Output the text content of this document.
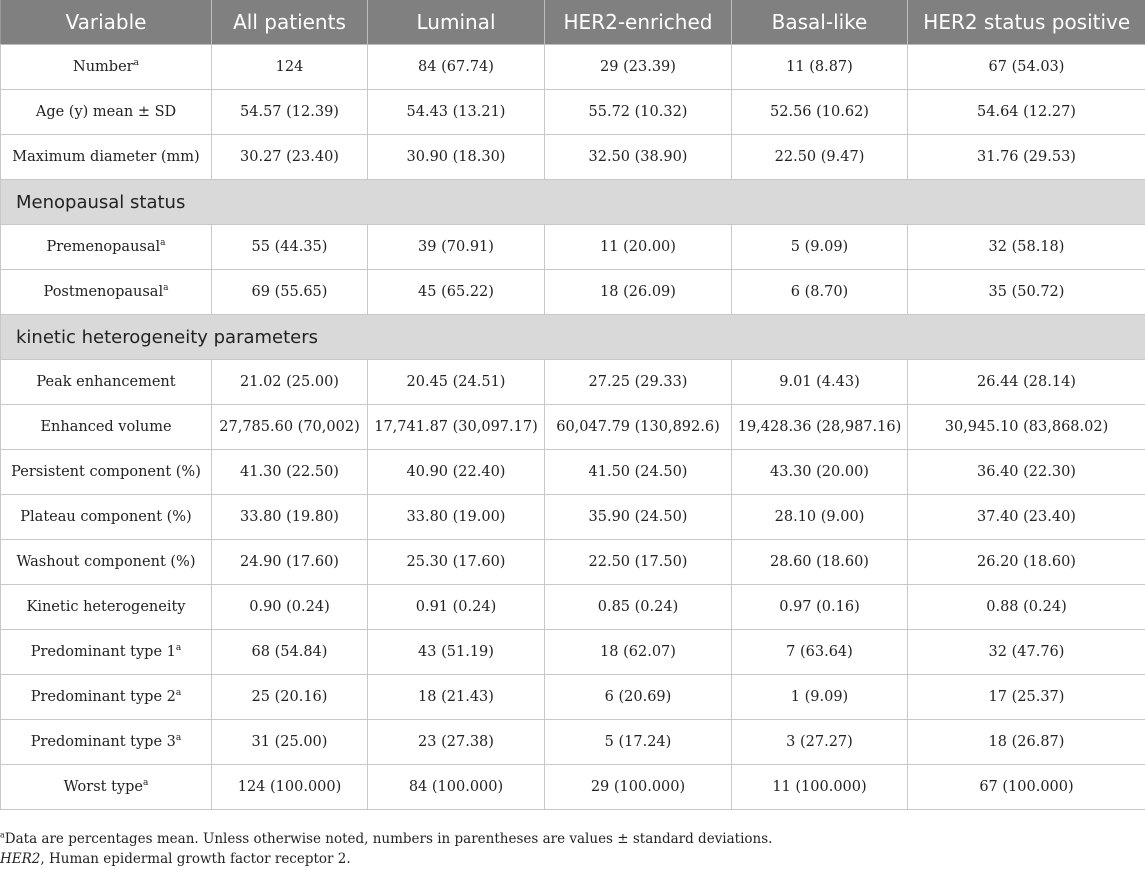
Variable	All patients	Luminal	HER2-enriched	Basal-like	HER2 status positive
Number$^a$	124	84 (67.74)	29 (23.39)	11 (8.87)	67 (54.03)
Age (y) mean ± SD	54.57 (12.39)	54.43 (13.21)	55.72 (10.32)	52.56 (10.62)	54.64 (12.27)
Maximum diameter (mm)	30.27 (23.40)	30.90 (18.30)	32.50 (38.90)	22.50 (9.47)	31.76 (29.53)
Menopausal status					
Premenopausal$^a$	55 (44.35)	39 (70.91)	11 (20.00)	5 (9.09)	32 (58.18)
Postmenopausal$^a$	69 (55.65)	45 (65.22)	18 (26.09)	6 (8.70)	35 (50.72)
kinetic heterogeneity parameters					
Peak enhancement	21.02 (25.00)	20.45 (24.51)	27.25 (29.33)	9.01 (4.43)	26.44 (28.14)
Enhanced volume	27,785.60 (70,002)	17,741.87 (30,097.17)	60,047.79 (130,892.6)	19,428.36 (28,987.16)	30,945.10 (83,868.02)
Persistent component (%)	41.30 (22.50)	40.90 (22.40)	41.50 (24.50)	43.30 (20.00)	36.40 (22.30)
Plateau component (%)	33.80 (19.80)	33.80 (19.00)	35.90 (24.50)	28.10 (9.00)	37.40 (23.40)
Washout component (%)	24.90 (17.60)	25.30 (17.60)	22.50 (17.50)	28.60 (18.60)	26.20 (18.60)
Kinetic heterogeneity	0.90 (0.24)	0.91 (0.24)	0.85 (0.24)	0.97 (0.16)	0.88 (0.24)
Predominant type 1$^a$	68 (54.84)	43 (51.19)	18 (62.07)	7 (63.64)	32 (47.76)
Predominant type 2$^a$	25 (20.16)	18 (21.43)	6 (20.69)	1 (9.09)	17 (25.37)
Predominant type 3$^a$	31 (25.00)	23 (27.38)	5 (17.24)	3 (27.27)	18 (26.87)
Worst type$^a$	124 (100.000)	84 (100.000)	29 (100.000)	11 (100.000)	67 (100.000)
$^a$Data are percentages mean. Unless otherwise noted, numbers in parentheses are values ± standard deviations.
HER2, Human epidermal growth factor receptor 2.
